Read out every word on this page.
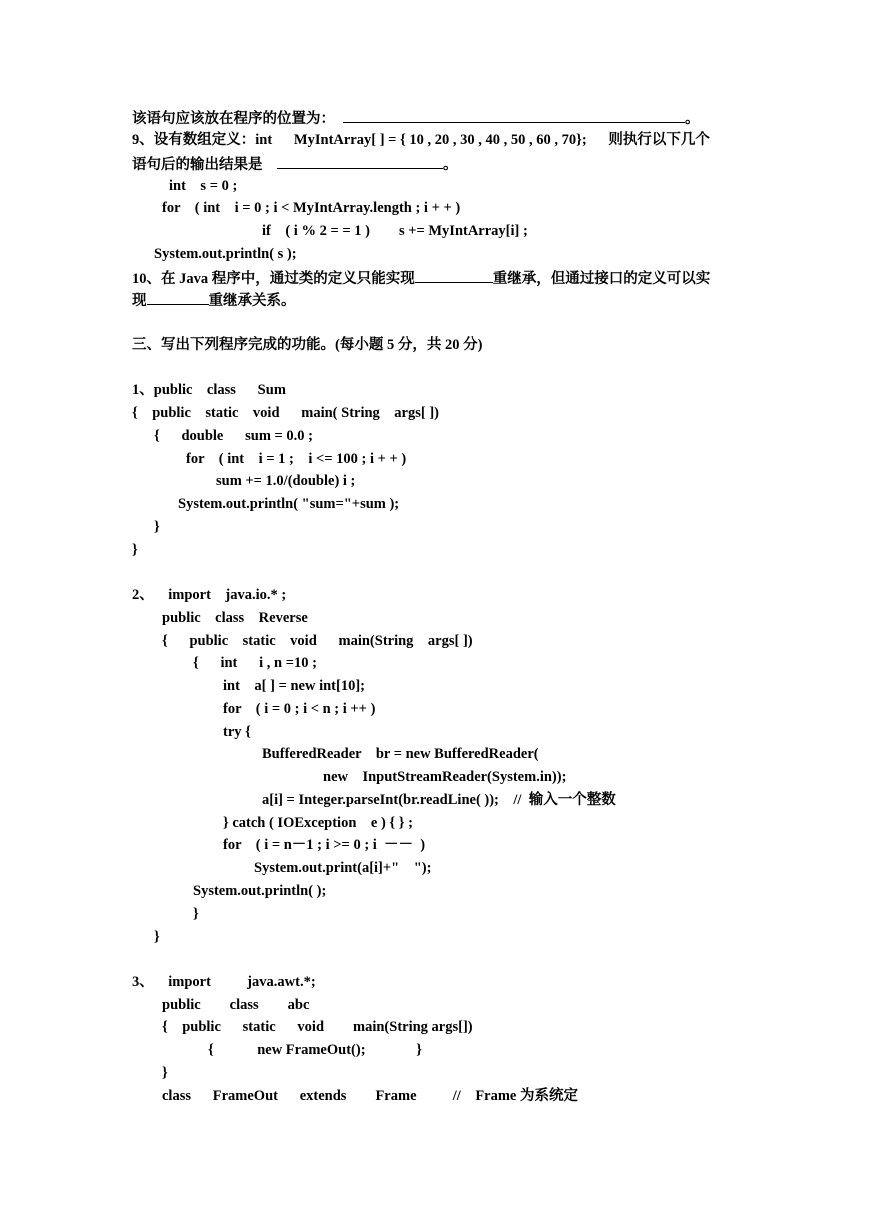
该语句应该放在程序的位置为：	。
9、设有数组定义：int      MyIntArray[ ] = { 10 , 20 , 30 , 40 , 50 , 60 , 70};      则执行以下几个
语句后的输出结果是	。
int    s = 0 ;
for    ( int    i = 0 ; i < MyIntArray.length ; i + + )
if    ( i % 2 = = 1 )        s += MyIntArray[i] ;
System.out.println( s );
10、在 Java 程序中，通过类的定义只能实现	重继承，但通过接口的定义可以实
现	重继承关系。
三、写出下列程序完成的功能。(每小题 5 分，共 20 分)
1、public    class      Sum
{    public    static    void      main( String    args[ ])
{      double      sum = 0.0 ;
for    ( int    i = 1 ;    i <= 100 ; i + + )
sum += 1.0/(double) i ;
System.out.println( "sum="+sum );
}
}
2、    import    java.io.* ;
public    class    Reverse
{      public    static    void      main(String    args[ ])
{      int      i , n =10 ;
int    a[ ] = new int[10];
for    ( i = 0 ; i < n ; i ++ )
try {
BufferedReader    br = new BufferedReader(
new    InputStreamReader(System.in));
a[i] = Integer.parseInt(br.readLine( ));    //  输入一个整数
} catch ( IOException    e ) { } ;
for    ( i = n－1 ; i >= 0 ; i  －－  )
System.out.print(a[i]+"    ");
System.out.println( );
}
}
3、    import          java.awt.*;
public        class        abc
{    public      static      void        main(String args[])
{            new FrameOut();              }
}
class      FrameOut      extends        Frame          //    Frame 为系统定
